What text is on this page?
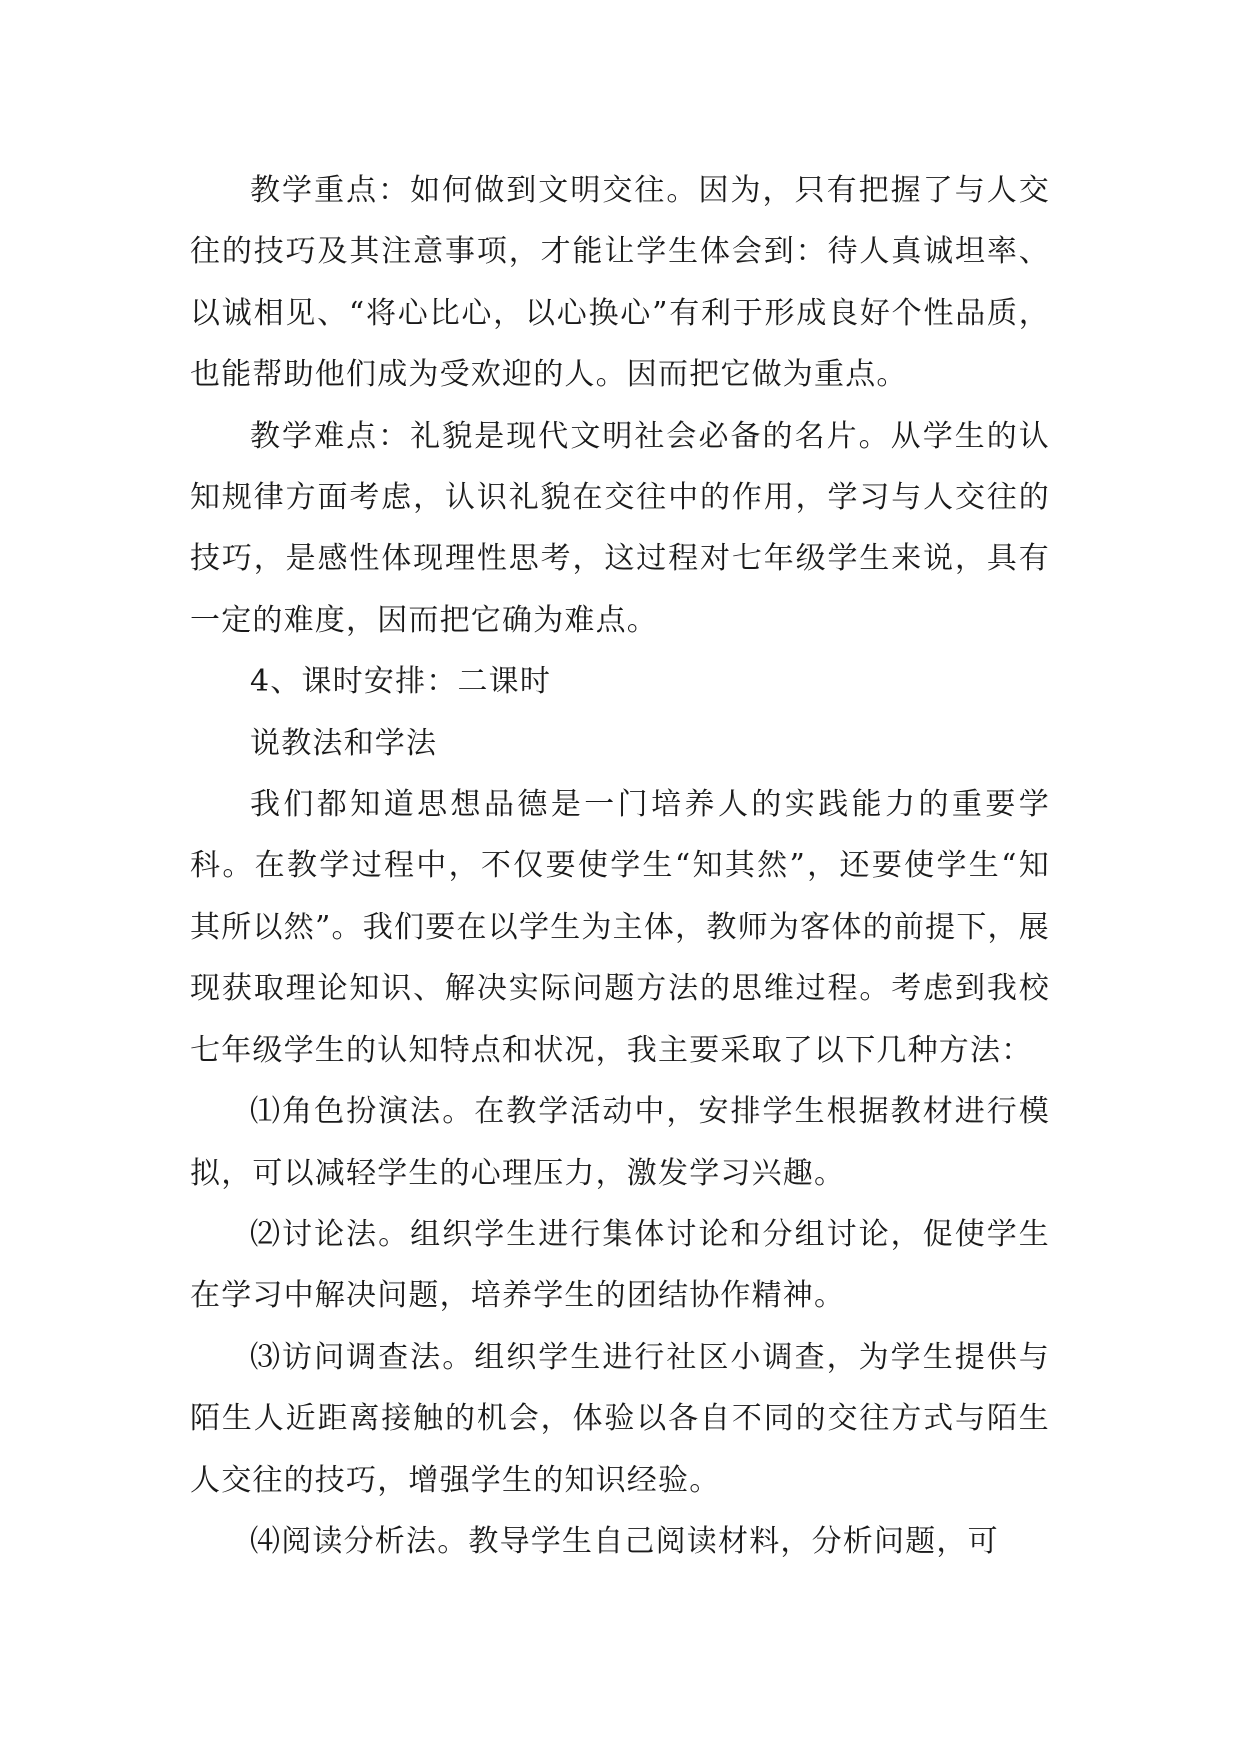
教学重点：如何做到文明交往。因为，只有把握了与人交往的技巧及其注意事项，才能让学生体会到：待人真诚坦率、以诚相见、“将心比心，以心换心”有利于形成良好个性品质，也能帮助他们成为受欢迎的人。因而把它做为重点。

教学难点：礼貌是现代文明社会必备的名片。从学生的认知规律方面考虑，认识礼貌在交往中的作用，学习与人交往的技巧，是感性体现理性思考，这过程对七年级学生来说，具有一定的难度，因而把它确为难点。

4、课时安排：二课时

说教法和学法

我们都知道思想品德是一门培养人的实践能力的重要学科。在教学过程中，不仅要使学生“知其然”，还要使学生“知其所以然”。我们要在以学生为主体，教师为客体的前提下，展现获取理论知识、解决实际问题方法的思维过程。考虑到我校七年级学生的认知特点和状况，我主要采取了以下几种方法：

⑴角色扮演法。在教学活动中，安排学生根据教材进行模拟，可以减轻学生的心理压力，激发学习兴趣。

⑵讨论法。组织学生进行集体讨论和分组讨论，促使学生在学习中解决问题，培养学生的团结协作精神。

⑶访问调查法。组织学生进行社区小调查，为学生提供与陌生人近距离接触的机会，体验以各自不同的交往方式与陌生人交往的技巧，增强学生的知识经验。

⑷阅读分析法。教导学生自己阅读材料，分析问题，可
